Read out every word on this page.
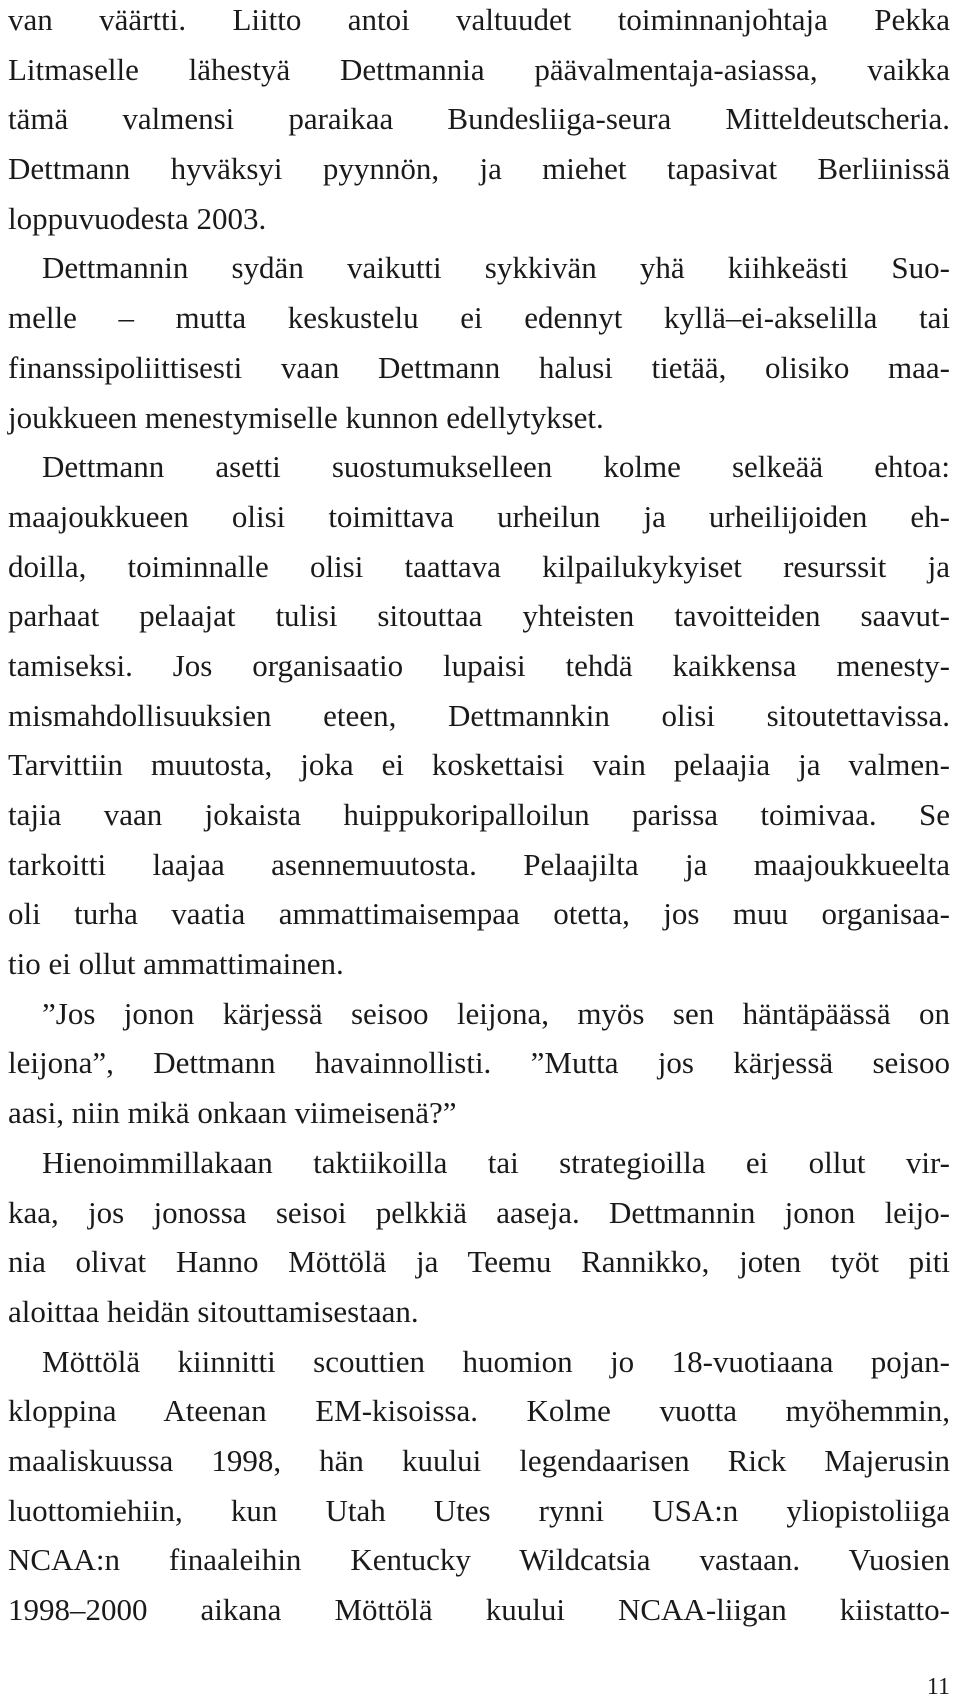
van väärtti. Liitto antoi valtuudet toiminnanjohtaja Pekka
Litmaselle lähestyä Dettmannia päävalmentaja-asiassa, vaikka
tämä valmensi paraikaa Bundesliiga-seura Mitteldeutscheria.
Dettmann hyväksyi pyynnön, ja miehet tapasivat Berliinissä
loppuvuodesta 2003.
Dettmannin sydän vaikutti sykkivän yhä kiihkeästi Suo-
melle – mutta keskustelu ei edennyt kyllä–ei-akselilla tai
finanssipoliittisesti vaan Dettmann halusi tietää, olisiko maa-
joukkueen menestymiselle kunnon edellytykset.
Dettmann asetti suostumukselleen kolme selkeää ehtoa:
maajoukkueen olisi toimittava urheilun ja urheilijoiden eh-
doilla, toiminnalle olisi taattava kilpailukykyiset resurssit ja
parhaat pelaajat tulisi sitouttaa yhteisten tavoitteiden saavut-
tamiseksi. Jos organisaatio lupaisi tehdä kaikkensa menesty-
mismahdollisuuksien eteen, Dettmannkin olisi sitoutettavissa.
Tarvittiin muutosta, joka ei koskettaisi vain pelaajia ja valmen-
tajia vaan jokaista huippukoripalloilun parissa toimivaa. Se
tarkoitti laajaa asennemuutosta. Pelaajilta ja maajoukkueelta
oli turha vaatia ammattimaisempaa otetta, jos muu organisaa-
tio ei ollut ammattimainen.
”Jos jonon kärjessä seisoo leijona, myös sen häntäpäässä on
leijona”, Dettmann havainnollisti. ”Mutta jos kärjessä seisoo
aasi, niin mikä onkaan viimeisenä?”
Hienoimmillakaan taktiikoilla tai strategioilla ei ollut vir-
kaa, jos jonossa seisoi pelkkiä aaseja. Dettmannin jonon leijo-
nia olivat Hanno Möttölä ja Teemu Rannikko, joten työt piti
aloittaa heidän sitouttamisestaan.
Möttölä kiinnitti scouttien huomion jo 18-vuotiaana pojan-
kloppina Ateenan EM-kisoissa. Kolme vuotta myöhemmin,
maaliskuussa 1998, hän kuului legendaarisen Rick Majerusin
luottomiehiin, kun Utah Utes rynni USA:n yliopistoliiga
NCAA:n finaaleihin Kentucky Wildcatsia vastaan. Vuosien
1998–2000 aikana Möttölä kuului NCAA-liigan kiistatto-
11
